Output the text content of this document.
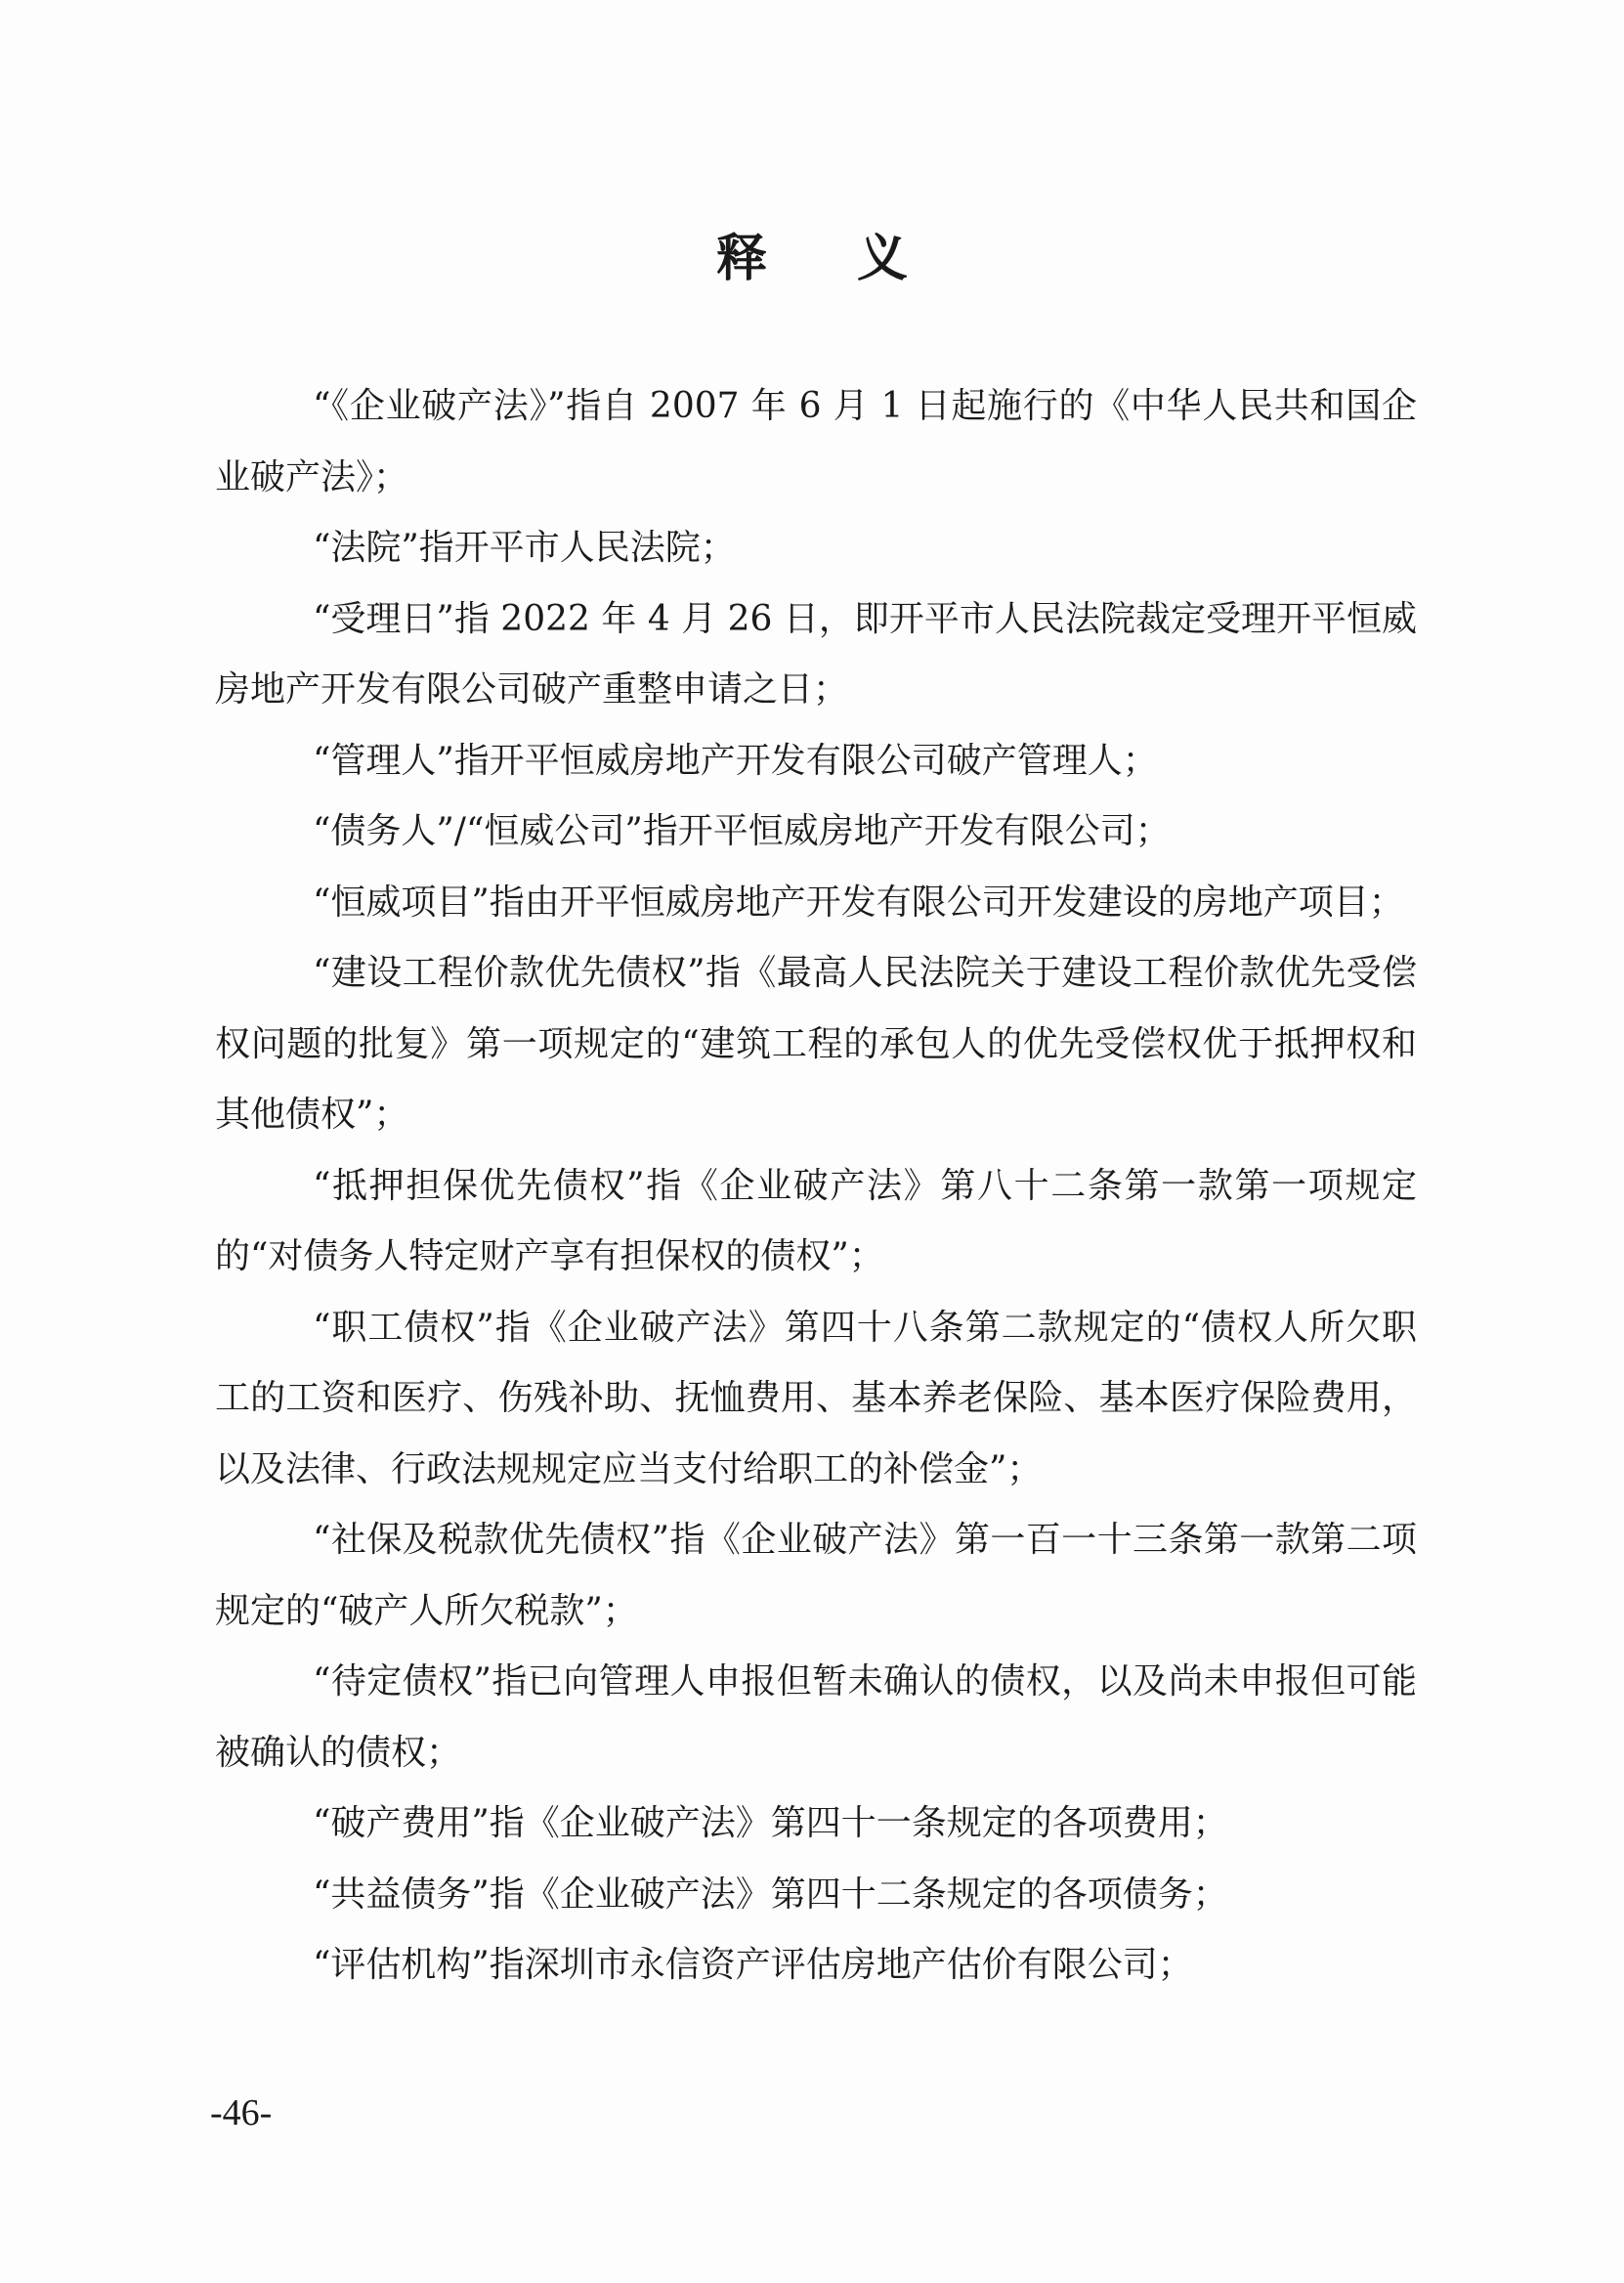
释 义

“《企业破产法》”指自 2007 年 6 月 1 日起施行的《中华人民共和国企业破产法》；

“法院”指开平市人民法院；

“受理日”指 2022 年 4 月 26 日，即开平市人民法院裁定受理开平恒威房地产开发有限公司破产重整申请之日；

“管理人”指开平恒威房地产开发有限公司破产管理人；

“债务人”/“恒威公司”指开平恒威房地产开发有限公司；

“恒威项目”指由开平恒威房地产开发有限公司开发建设的房地产项目；

“建设工程价款优先债权”指《最高人民法院关于建设工程价款优先受偿权问题的批复》第一项规定的“建筑工程的承包人的优先受偿权优于抵押权和其他债权”；

“抵押担保优先债权”指《企业破产法》第八十二条第一款第一项规定的“对债务人特定财产享有担保权的债权”；

“职工债权”指《企业破产法》第四十八条第二款规定的“债权人所欠职工的工资和医疗、伤残补助、抚恤费用、基本养老保险、基本医疗保险费用，以及法律、行政法规规定应当支付给职工的补偿金”；

“社保及税款优先债权”指《企业破产法》第一百一十三条第一款第二项规定的“破产人所欠税款”；

“待定债权”指已向管理人申报但暂未确认的债权，以及尚未申报但可能被确认的债权；

“破产费用”指《企业破产法》第四十一条规定的各项费用；

“共益债务”指《企业破产法》第四十二条规定的各项债务；

“评估机构”指深圳市永信资产评估房地产估价有限公司；

-46-
